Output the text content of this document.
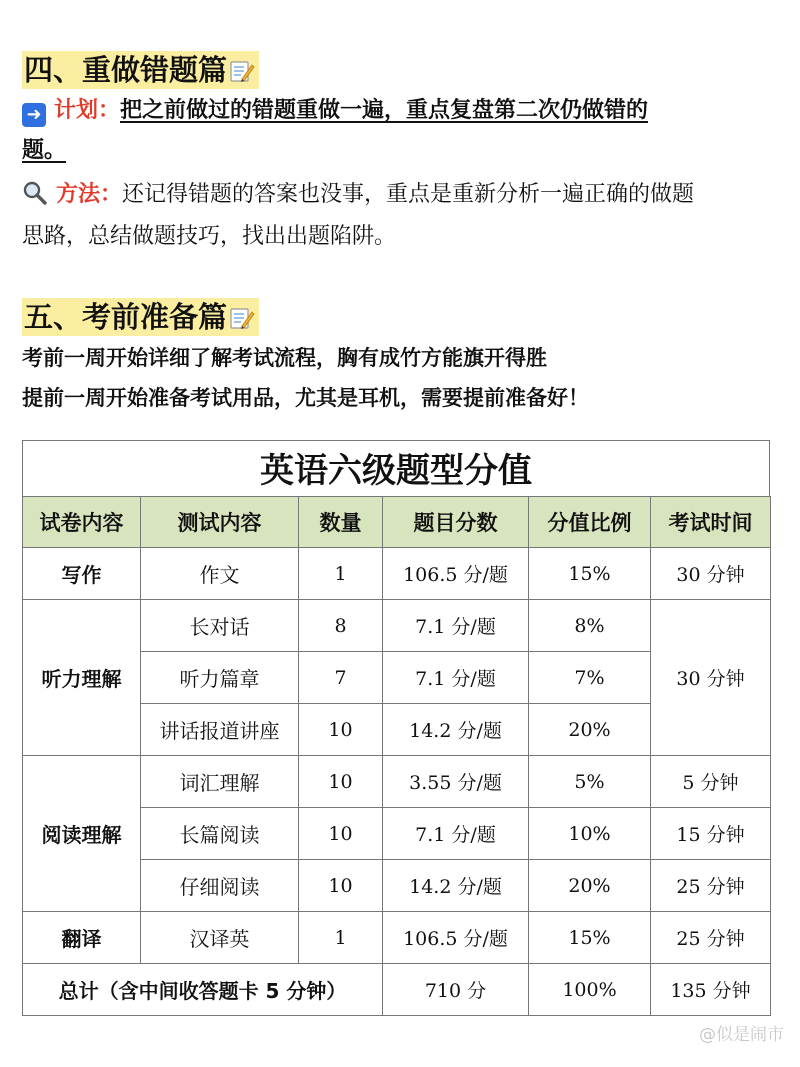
四、重做错题篇
➜ 计划：把之前做过的错题重做一遍，重点复盘第二次仍做错的
题。
方法：还记得错题的答案也没事，重点是重新分析一遍正确的做题
思路，总结做题技巧，找出出题陷阱。
五、考前准备篇
考前一周开始详细了解考试流程，胸有成竹方能旗开得胜
提前一周开始准备考试用品，尤其是耳机，需要提前准备好！
英语六级题型分值
试卷内容	测试内容	数量	题目分数	分值比例	考试时间
写作	作文	1	106.5 分/题	15%	30 分钟
听力理解	长对话	8	7.1 分/题	8%	30 分钟
	听力篇章	7	7.1 分/题	7%	
	讲话报道讲座	10	14.2 分/题	20%	
阅读理解	词汇理解	10	3.55 分/题	5%	5 分钟
	长篇阅读	10	7.1 分/题	10%	15 分钟
	仔细阅读	10	14.2 分/题	20%	25 分钟
翻译	汉译英	1	106.5 分/题	15%	25 分钟
总计（含中间收答题卡 5 分钟）			710 分	100%	135 分钟
@似是闹市
